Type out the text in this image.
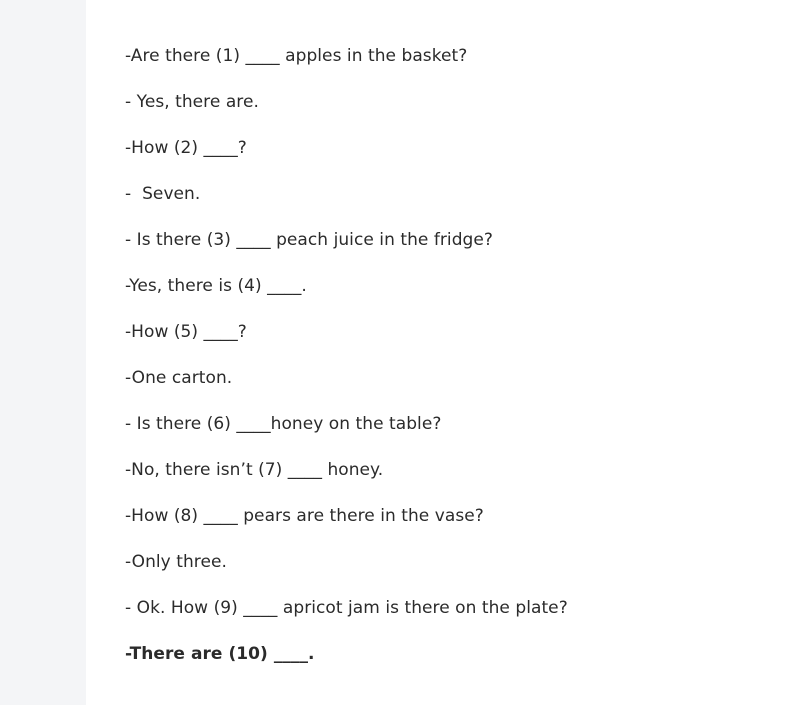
-Are there (1) ____ apples in the basket?
- Yes, there are.
-How (2) ____?
-  Seven.
- Is there (3) ____ peach juice in the fridge?
-Yes, there is (4) ____.
-How (5) ____?
-One carton.
- Is there (6) ____honey on the table?
-No, there isn’t (7) ____ honey.
-How (8) ____ pears are there in the vase?
-Only three.
- Ok. How (9) ____ apricot jam is there on the plate?
-There are (10) ____.
